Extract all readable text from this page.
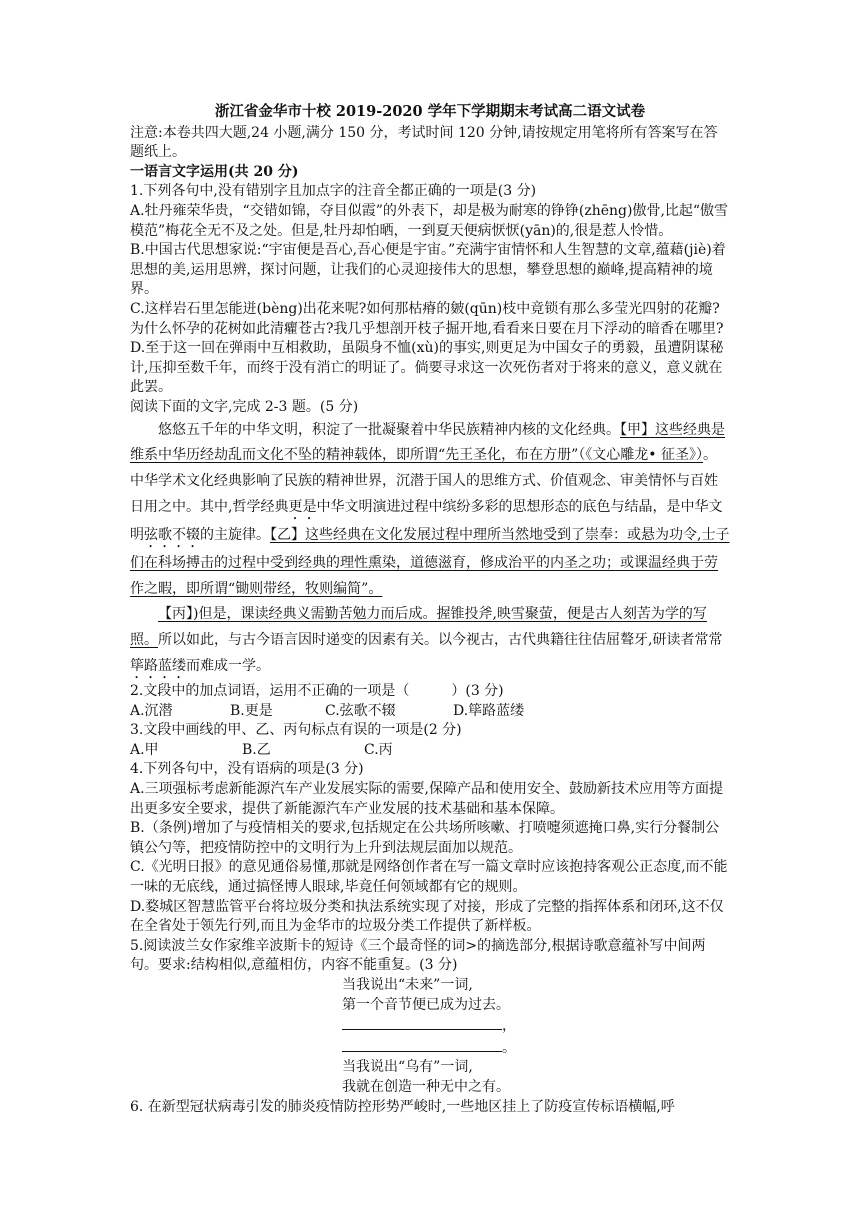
浙江省金华市十校 2019-2020 学年下学期期末考试高二语文试卷

注意:本卷共四大题,24 小题,满分 150 分，考试时间 120 分钟,请按规定用笔将所有答案写在答题纸上。

一语言文字运用(共 20 分)

1.下列各句中,没有错别字且加点字的注音全都正确的一项是(3 分)

A.牡丹雍荣华贵，“交错如锦，夺目似霞”的外表下，却是极为耐寒的铮铮(zhēng)傲骨,比起“傲雪模范”梅花全无不及之处。但是,牡丹却怕晒，一到夏天便病恹恹(yān)的,很是惹人怜惜。

B.中国古代思想家说:“宇宙便是吾心,吾心便是宇宙。”充满宇宙情怀和人生智慧的文章,蕴藉(jiè)着思想的美,运用思辨，探讨问题，让我们的心灵迎接伟大的思想，攀登思想的巅峰,提高精神的境界。

C.这样岩石里怎能迸(bèng)出花来呢?如何那枯瘠的皴(qūn)枝中竟锁有那么多莹光四射的花瓣?为什么怀孕的花树如此清癯苍古?我几乎想剖开枝子掘开地,看看来日要在月下浮动的暗香在哪里?

D.至于这一回在弹雨中互相救助，虽陨身不恤(xù)的事实,则更足为中国女子的勇毅，虽遭阴谋秘计,压抑至数千年，而终于没有消亡的明证了。倘要寻求这一次死伤者对于将来的意义，意义就在此罢。

阅读下面的文字,完成 2-3 题。(5 分)

悠悠五千年的中华文明，积淀了一批凝聚着中华民族精神内核的文化经典。【甲】这些经典是维系中华历经劫乱而文化不坠的精神载体，即所谓“先王圣化，布在方册”（《文心雕龙• 征圣》）。中华学术文化经典影响了民族的精神世界，沉潜于国人的思维方式、价值观念、审美情怀与百姓日用之中。其中,哲学经典更是中华文明演进过程中缤纷多彩的思想形态的底色与结晶，是中华文明弦歌不辍的主旋律。【乙】这些经典在文化发展过程中理所当然地受到了崇奉：或悬为功令,士子们在科场搏击的过程中受到经典的理性熏染，道德滋育，修成治平的内圣之功；或课温经典于劳作之暇，即所谓“锄则带经，牧则编简”。

【丙】)但是，课读经典义需勤苦勉力而后成。握锥投斧,映雪聚萤，便是古人刻苦为学的写照。所以如此，与古今语言因时递变的因素有关。以今视古，古代典籍往往佶屈聱牙,研读者常常筚路蓝缕而难成一学。

2.文段中的加点词语，运用不正确的一项是（　　　）(3 分)

A.沉潜	B.更是	C.弦歌不辍	D.筚路蓝缕

3.文段中画线的甲、乙、丙句标点有误的一项是(2 分)

A.甲	B.乙	C.丙

4.下列各句中，没有语病的项是(3 分)

A.三项强标考虑新能源汽车产业发展实际的需要,保障产品和使用安全、鼓励新技术应用等方面提出更多安全要求，提供了新能源汽车产业发展的技术基础和基本保障。

B.（条例)增加了与疫情相关的要求,包括规定在公共场所咳嗽、打喷嚏须遮掩口鼻,实行分餐制公镇公勺等，把疫情防控中的文明行为上升到法规层面加以规范。

C.《光明日报》的意见通俗易懂,那就是网络创作者在写一篇文章时应该抱持客观公正态度,而不能一味的无底线，通过搞怪博人眼球,毕竟任何领域都有它的规则。

D.婺城区智慧监管平台将垃圾分类和执法系统实现了对接，形成了完整的指挥体系和闭环,这不仅在全省处于领先行列,而且为金华市的垃圾分类工作提供了新样板。

5.阅读波兰女作家维辛波斯卡的短诗《三个最奇怪的词>的摘选部分,根据诗歌意蕴补写中间两句。要求:结构相似,意蕴相仿，内容不能重复。(3 分)

当我说出“未来”一词,

第一个音节便已成为过去。

，

。

当我说出“乌有”一词,

我就在创造一种无中之有。

6. 在新型冠状病毒引发的肺炎疫情防控形势严峻时,一些地区挂上了防疫宣传标语横幅,呼
